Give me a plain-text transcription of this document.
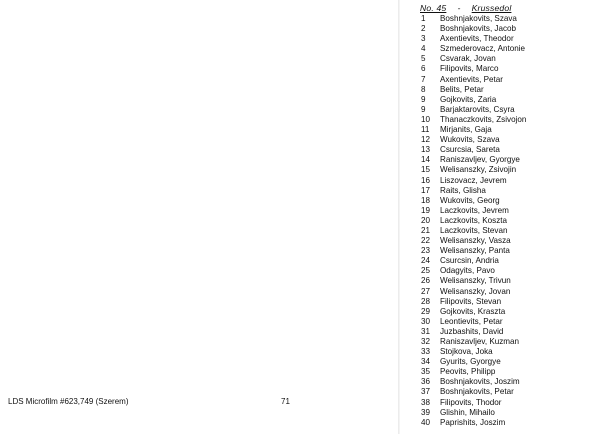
LDS Microfilm #623,749 (Szerem)	71
No. 45 - Krussedol
1	Boshnjakovits, Szava
2	Boshnjakovits, Jacob
3	Axentievits, Theodor
4	Szmederovacz, Antonie
5	Csvarak, Jovan
6	Filipovits, Marco
7	Axentievits, Petar
8	Belits, Petar
9	Gojkovits, Zaria
9	Barjaktarovits, Csyra
10	Thanaczkovits, Zsivojon
11	Mirjanits, Gaja
12	Wukovits, Szava
13	Csurcsia, Sareta
14	Raniszavljev, Gyorgye
15	Welisanszky, Zsivojin
16	Liszovacz, Jevrem
17	Raits, Glisha
18	Wukovits, Georg
19	Laczkovits, Jevrem
20	Laczkovits, Koszta
21	Laczkovits, Stevan
22	Welisanszky, Vasza
23	Welisanszky, Panta
24	Csurcsin, Andria
25	Odagyits, Pavo
26	Welisanszky, Trivun
27	Welisanszky, Jovan
28	Filipovits, Stevan
29	Gojkovits, Kraszta
30	Leontievits, Petar
31	Juzbashits, David
32	Raniszavljev, Kuzman
33	Stojkova, Joka
34	Gyurits, Gyorgye
35	Peovits, Philipp
36	Boshnjakovits, Joszim
37	Boshnjakovits, Petar
38	Filipovits, Thodor
39	Glishin, Mihailo
40	Paprishits, Joszim
